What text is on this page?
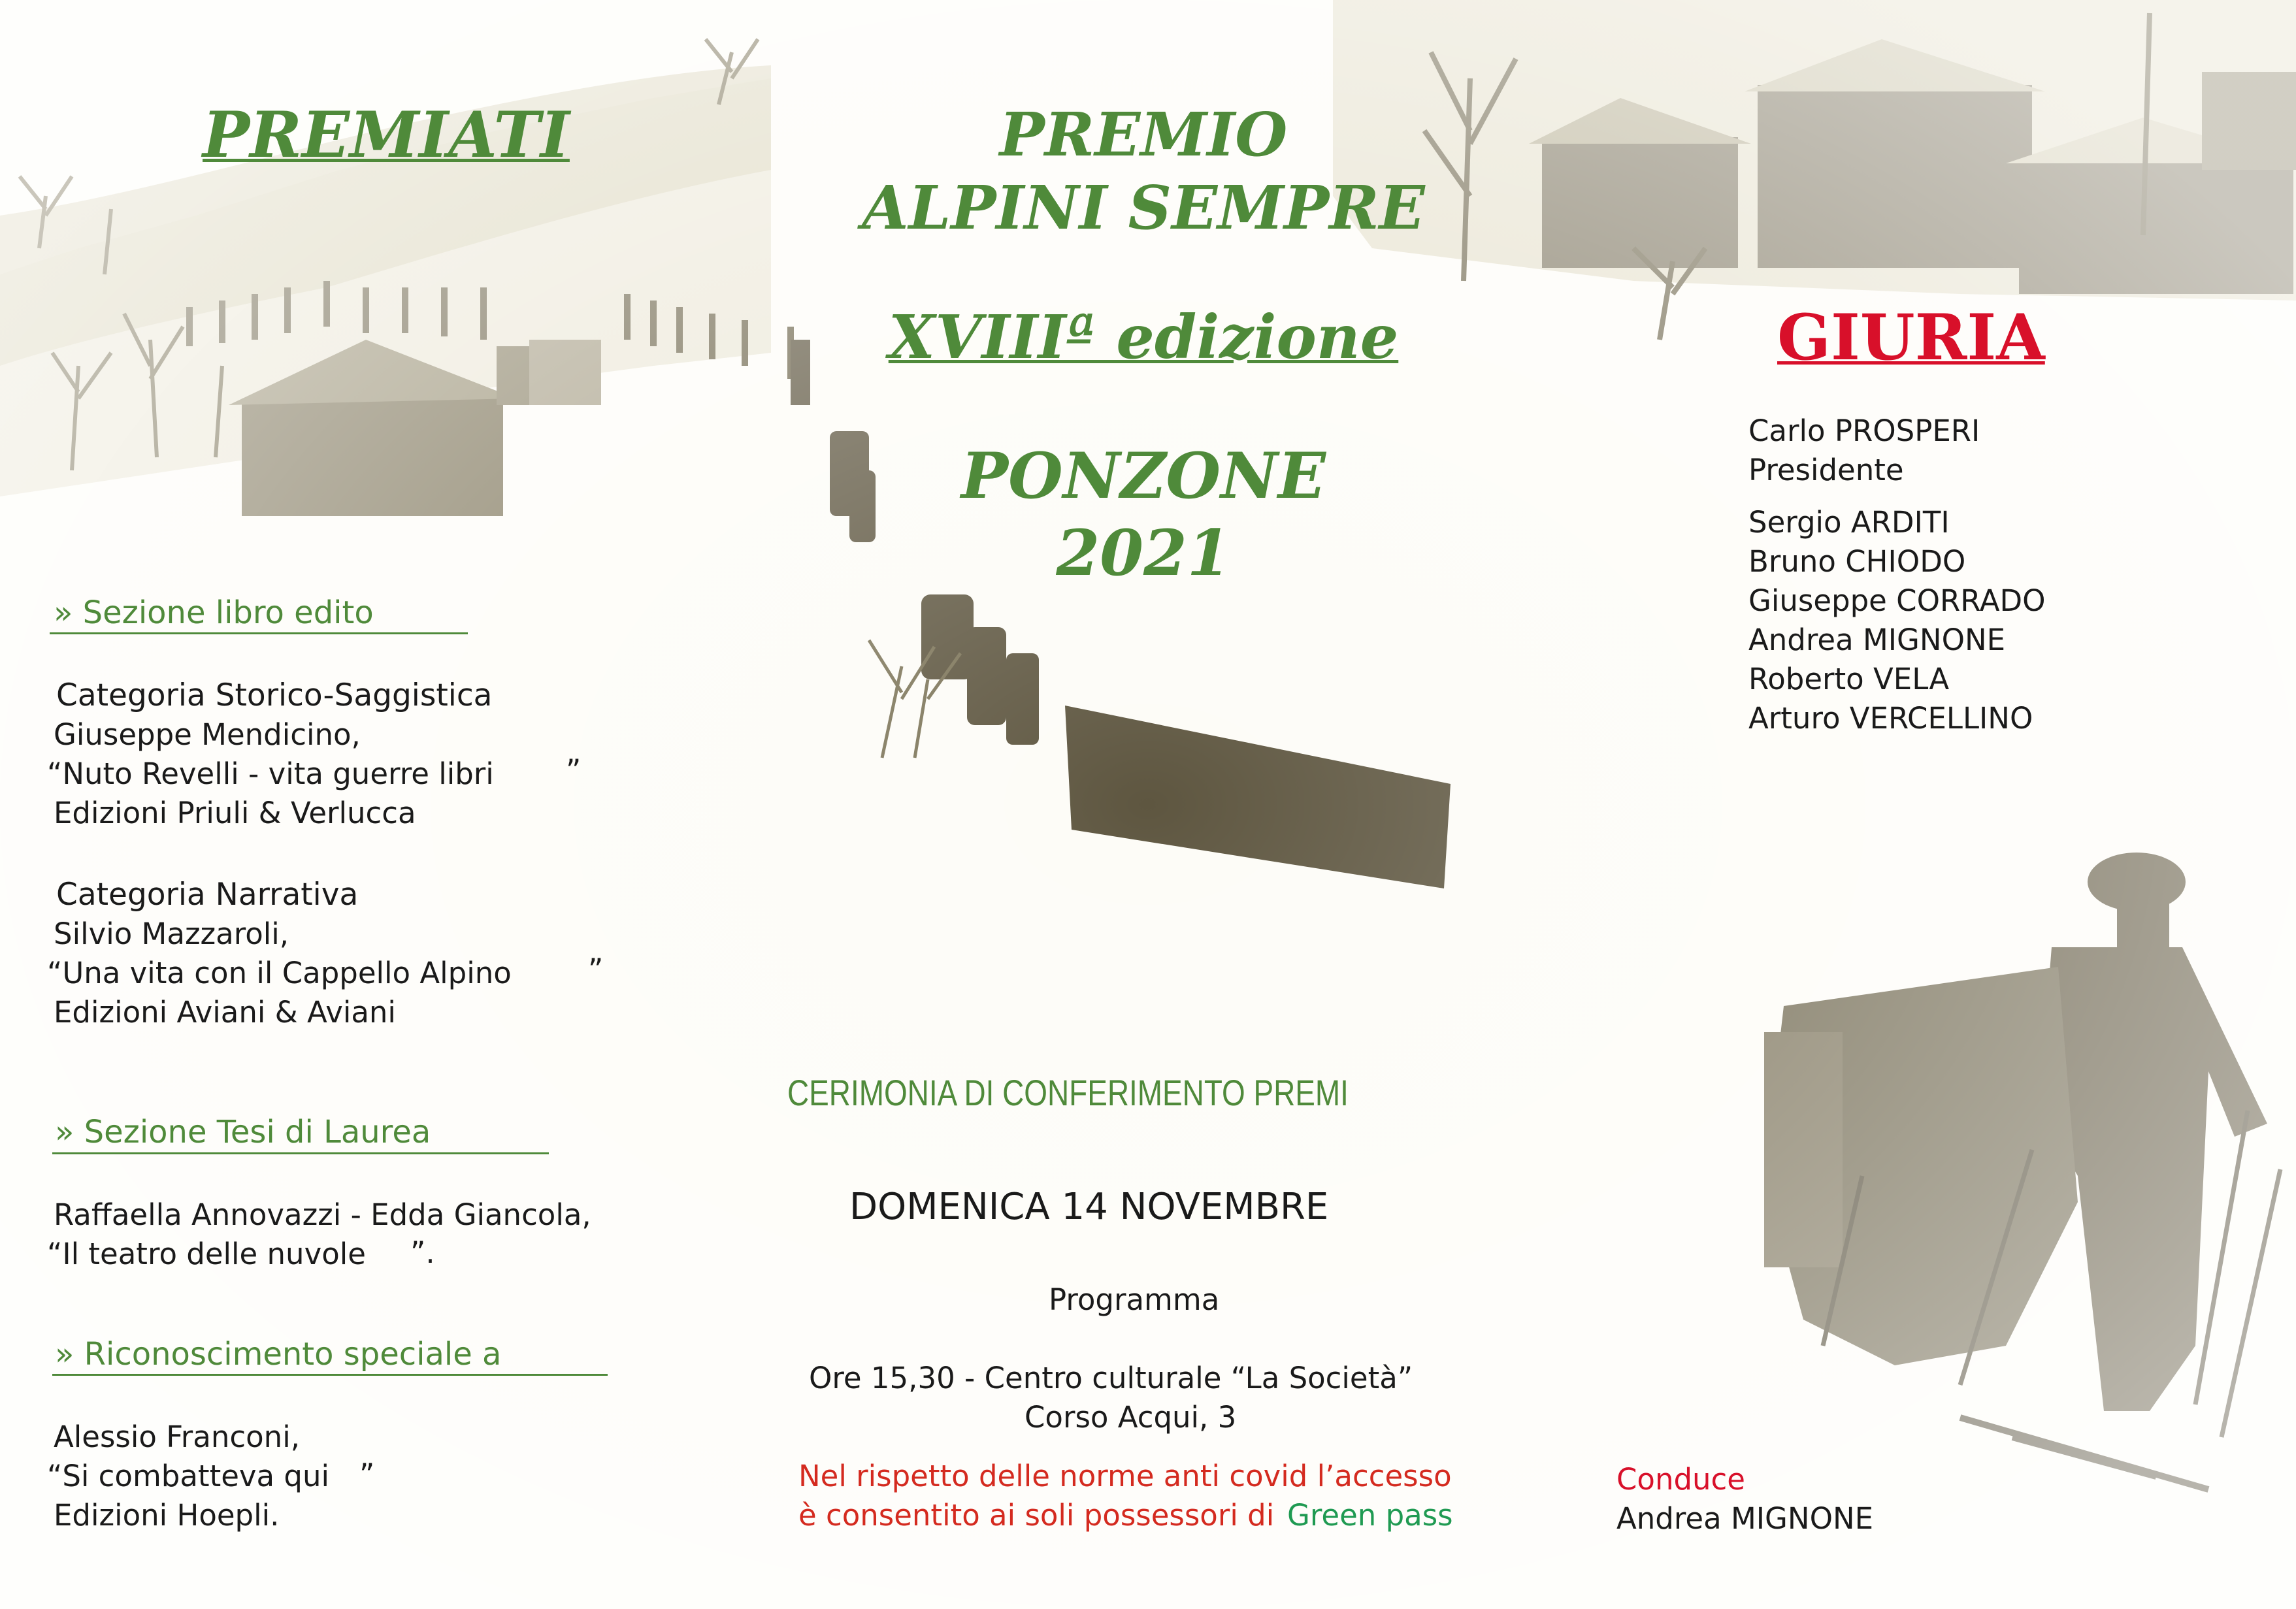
PREMIATI
» Sezione libro edito
Categoria Storico-Saggistica
Giuseppe Mendicino,
“Nuto Revelli - vita guerre libri ”
Edizioni Priuli & Verlucca
Categoria Narrativa
Silvio Mazzaroli,
“Una vita con il Cappello Alpino	”
Edizioni Aviani & Aviani
» Sezione Tesi di Laurea
Raffaella Annovazzi - Edda Giancola,
“Il teatro delle nuvole ”.
» Riconoscimento speciale a
Alessio Franconi,
“Si combatteva qui ”
Edizioni Hoepli.
PREMIO
ALPINI SEMPRE
XVIIIª edizione
PONZONE
2021
CERIMONIA DI CONFERIMENTO PREMI
DOMENICA 14 NOVEMBRE
Programma
Ore 15,30 - Centro culturale “La Società”
Corso Acqui, 3
Nel rispetto delle norme anti covid l’accesso
è consentito ai soli possessori di Green pass
GIURIA
Carlo PROSPERI
Presidente
Sergio ARDITI
Bruno CHIODO
Giuseppe CORRADO
Andrea MIGNONE
Roberto VELA
Arturo VERCELLINO
Conduce
Andrea MIGNONE
